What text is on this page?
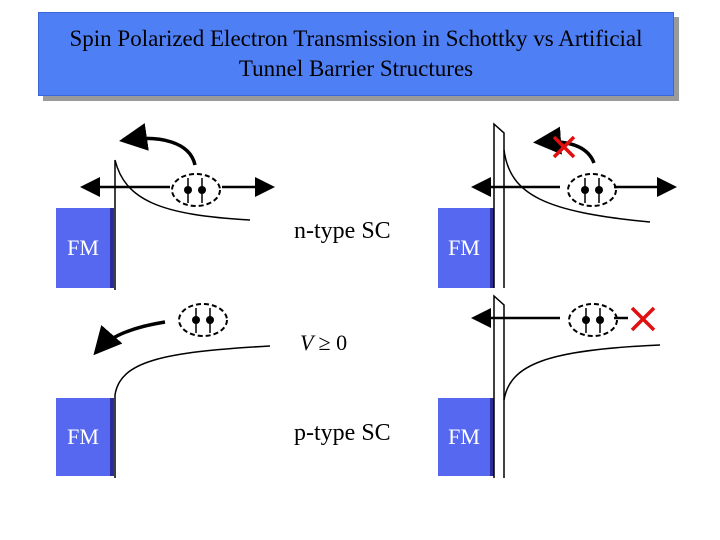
Spin Polarized Electron Transmission in Schottky vs Artificial
Tunnel Barrier Structures
FM	FM
FM	FM
n-type SC
p-type SC
V ≥ 0
